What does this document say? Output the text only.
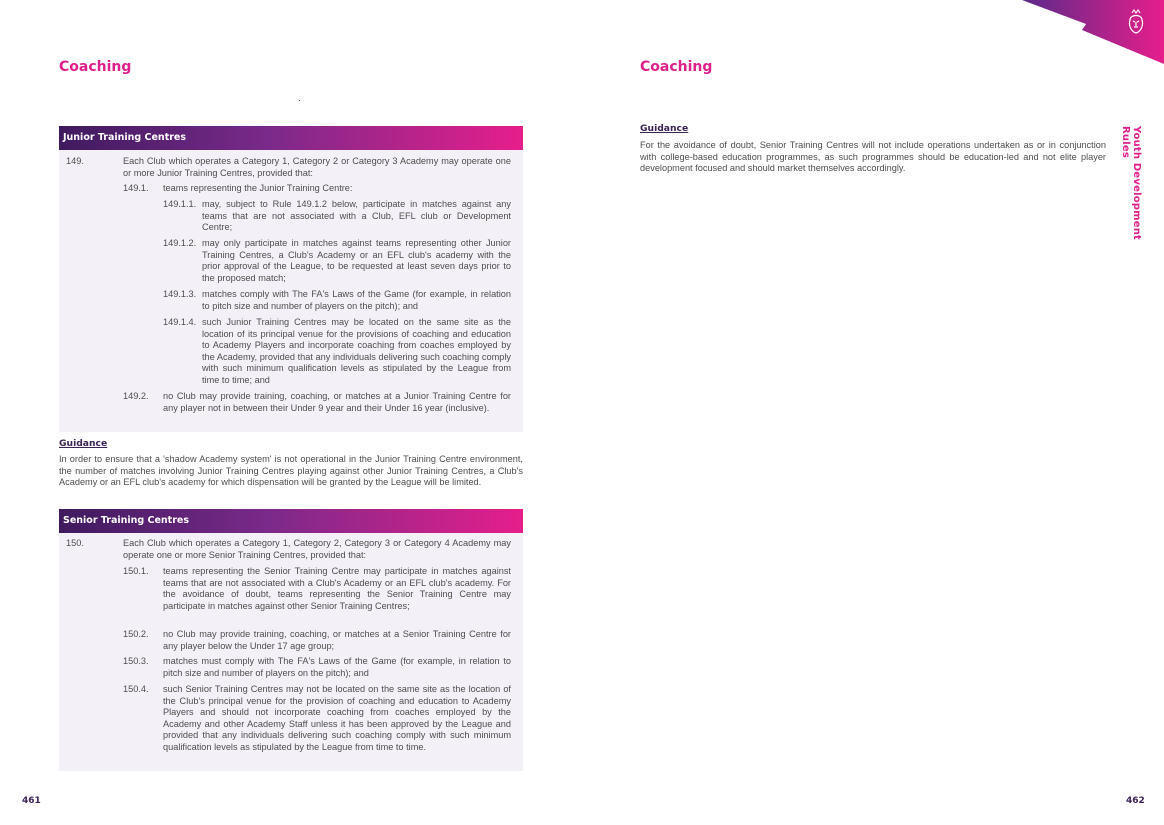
Coaching
Junior Training Centres
149.	Each Club which operates a Category 1, Category 2 or Category 3 Academy may operate one or more Junior Training Centres, provided that:
149.1. teams representing the Junior Training Centre:
149.1.1. may, subject to Rule 149.1.2 below, participate in matches against any teams that are not associated with a Club, EFL club or Development Centre;
149.1.2. may only participate in matches against teams representing other Junior Training Centres, a Club's Academy or an EFL club's academy with the prior approval of the League, to be requested at least seven days prior to the proposed match;
149.1.3. matches comply with The FA's Laws of the Game (for example, in relation to pitch size and number of players on the pitch); and
149.1.4. such Junior Training Centres may be located on the same site as the location of its principal venue for the provisions of coaching and education to Academy Players and incorporate coaching from coaches employed by the Academy, provided that any individuals delivering such coaching comply with such minimum qualification levels as stipulated by the League from time to time; and
149.2. no Club may provide training, coaching, or matches at a Junior Training Centre for any player not in between their Under 9 year and their Under 16 year (inclusive).
Guidance
In order to ensure that a 'shadow Academy system' is not operational in the Junior Training Centre environment, the number of matches involving Junior Training Centres playing against other Junior Training Centres, a Club's Academy or an EFL club's academy for which dispensation will be granted by the League will be limited.
Senior Training Centres
150.	Each Club which operates a Category 1, Category 2, Category 3 or Category 4 Academy may operate one or more Senior Training Centres, provided that:
150.1. teams representing the Senior Training Centre may participate in matches against teams that are not associated with a Club's Academy or an EFL club's academy. For the avoidance of doubt, teams representing the Senior Training Centre may participate in matches against other Senior Training Centres;
150.2. no Club may provide training, coaching, or matches at a Senior Training Centre for any player below the Under 17 age group;
150.3. matches must comply with The FA's Laws of the Game (for example, in relation to pitch size and number of players on the pitch); and
150.4. such Senior Training Centres may not be located on the same site as the location of the Club's principal venue for the provision of coaching and education to Academy Players and should not incorporate coaching from coaches employed by the Academy and other Academy Staff unless it has been approved by the League and provided that any individuals delivering such coaching comply with such minimum qualification levels as stipulated by the League from time to time.
461
Coaching
Guidance
For the avoidance of doubt, Senior Training Centres will not include operations undertaken as or in conjunction with college-based education programmes, as such programmes should be education-led and not elite player development focused and should market themselves accordingly.	Youth Development Rules
462
